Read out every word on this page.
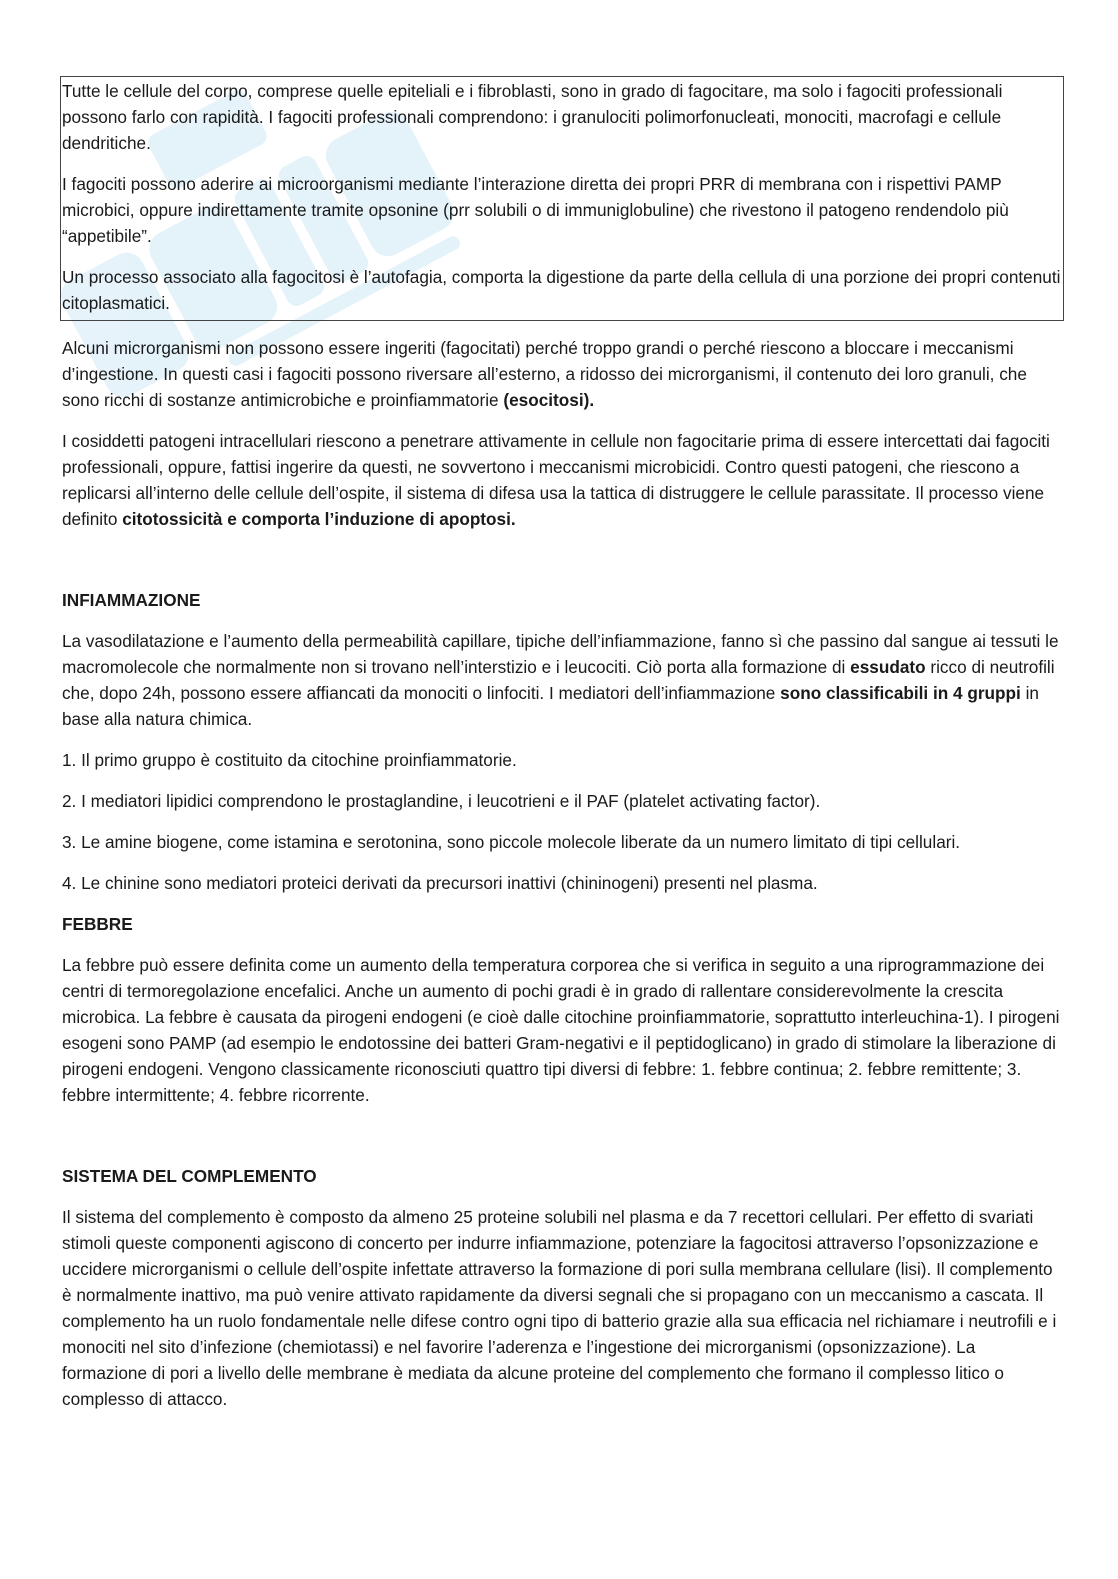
Tutte le cellule del corpo, comprese quelle epiteliali e i fibroblasti, sono in grado di fagocitare, ma solo i fagociti professionali possono farlo con rapidità. I fagociti professionali comprendono: i granulociti polimorfonucleati, monociti, macrofagi e cellule dendritiche.

I fagociti possono aderire ai microorganismi mediante l’interazione diretta dei propri PRR di membrana con i rispettivi PAMP microbici, oppure indirettamente tramite opsonine (prr solubili o di immuniglobuline) che rivestono il patogeno rendendolo più “appetibile”.

Un processo associato alla fagocitosi è l’autofagia, comporta la digestione da parte della cellula di una porzione dei propri contenuti citoplasmatici.

Alcuni microrganismi non possono essere ingeriti (fagocitati) perché troppo grandi o perché riescono a bloccare i meccanismi d’ingestione. In questi casi i fagociti possono riversare all’esterno, a ridosso dei microrganismi, il contenuto dei loro granuli, che sono ricchi di sostanze antimicrobiche e proinfiammatorie (esocitosi).

I cosiddetti patogeni intracellulari riescono a penetrare attivamente in cellule non fagocitarie prima di essere intercettati dai fagociti professionali, oppure, fattisi ingerire da questi, ne sovvertono i meccanismi microbicidi. Contro questi patogeni, che riescono a replicarsi all’interno delle cellule dell’ospite, il sistema di difesa usa la tattica di distruggere le cellule parassitate. Il processo viene definito citotossicità e comporta l’induzione di apoptosi.

INFIAMMAZIONE

La vasodilatazione e l’aumento della permeabilità capillare, tipiche dell’infiammazione, fanno sì che passino dal sangue ai tessuti le macromolecole che normalmente non si trovano nell’interstizio e i leucociti. Ciò porta alla formazione di essudato ricco di neutrofili che, dopo 24h, possono essere affiancati da monociti o linfociti. I mediatori dell’infiammazione sono classificabili in 4 gruppi in base alla natura chimica.

1. Il primo gruppo è costituito da citochine proinfiammatorie.

2. I mediatori lipidici comprendono le prostaglandine, i leucotrieni e il PAF (platelet activating factor).

3. Le amine biogene, come istamina e serotonina, sono piccole molecole liberate da un numero limitato di tipi cellulari.

4. Le chinine sono mediatori proteici derivati da precursori inattivi (chininogeni) presenti nel plasma.

FEBBRE

La febbre può essere definita come un aumento della temperatura corporea che si verifica in seguito a una riprogrammazione dei centri di termoregolazione encefalici. Anche un aumento di pochi gradi è in grado di rallentare considerevolmente la crescita microbica. La febbre è causata da pirogeni endogeni (e cioè dalle citochine proinfiammatorie, soprattutto interleuchina-1). I pirogeni esogeni sono PAMP (ad esempio le endotossine dei batteri Gram-negativi e il peptidoglicano) in grado di stimolare la liberazione di pirogeni endogeni. Vengono classicamente riconosciuti quattro tipi diversi di febbre: 1. febbre continua; 2. febbre remittente; 3. febbre intermittente; 4. febbre ricorrente.

SISTEMA DEL COMPLEMENTO

Il sistema del complemento è composto da almeno 25 proteine solubili nel plasma e da 7 recettori cellulari. Per effetto di svariati stimoli queste componenti agiscono di concerto per indurre infiammazione, potenziare la fagocitosi attraverso l’opsonizzazione e uccidere microrganismi o cellule dell’ospite infettate attraverso la formazione di pori sulla membrana cellulare (lisi). Il complemento è normalmente inattivo, ma può venire attivato rapidamente da diversi segnali che si propagano con un meccanismo a cascata. Il complemento ha un ruolo fondamentale nelle difese contro ogni tipo di batterio grazie alla sua efficacia nel richiamare i neutrofili e i monociti nel sito d’infezione (chemiotassi) e nel favorire l’aderenza e l’ingestione dei microrganismi (opsonizzazione). La formazione di pori a livello delle membrane è mediata da alcune proteine del complemento che formano il complesso litico o complesso di attacco.
